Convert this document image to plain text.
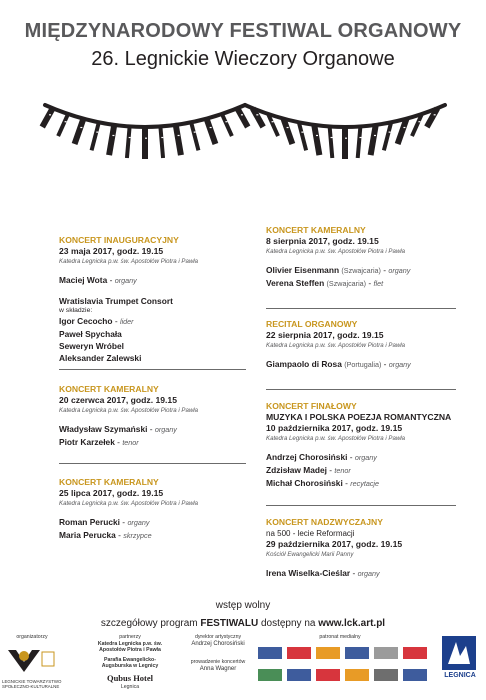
MIĘDZYNARODOWY FESTIWAL ORGANOWY
26. Legnickie Wieczory Organowe
KONCERT INAUGURACYJNY
23 maja 2017, godz. 19.15
Katedra Legnicka p.w. św. Apostołów Piotra i Pawła
Maciej Wota - organy
Wratislavia Trumpet Consort
w składzie:
Igor Cecocho - lider
Paweł Spychała
Seweryn Wróbel
Aleksander Zalewski
KONCERT KAMERALNY
20 czerwca 2017, godz. 19.15
Katedra Legnicka p.w. św. Apostołów Piotra i Pawła
Władysław Szymański - organy
Piotr Karzełek - tenor
KONCERT KAMERALNY
25 lipca 2017, godz. 19.15
Katedra Legnicka p.w. św. Apostołów Piotra i Pawła
Roman Perucki - organy
Maria Perucka - skrzypce
KONCERT KAMERALNY
8 sierpnia 2017, godz. 19.15
Katedra Legnicka p.w. św. Apostołów Piotra i Pawła
Olivier Eisenmann (Szwajcaria) - organy
Verena Steffen (Szwajcaria) - flet
RECITAL ORGANOWY
22 sierpnia 2017, godz. 19.15
Katedra Legnicka p.w. św. Apostołów Piotra i Pawła
Giampaolo di Rosa (Portugalia) - organy
KONCERT FINAŁOWY
MUZYKA I POLSKA POEZJA ROMANTYCZNA
10 października 2017, godz. 19.15
Katedra Legnicka p.w. św. Apostołów Piotra i Pawła
Andrzej Chorosiński - organy
Zdzisław Madej - tenor
Michał Chorosiński - recytacje
KONCERT NADZWYCZAJNY
na 500 - lecie Reformacji
29 października 2017, godz. 19.15
Kościół Ewangelicki Marii Panny
Irena Wiselka-Cieślar - organy
wstęp wolny
szczegółowy program FESTIWALU dostępny na www.lck.art.pl
organizatorzy
LEGNICKIE TOWARZYSTWO SPOŁECZNO-KULTURALNE
partnerzy
Katedra Legnicka p.w. św. Apostołów Piotra i Pawła
Parafia Ewangelicko-Augsburska w Legnicy
Qubus Hotel
Legnica
dyrektor artystyczny
Andrzej Chorosiński
prowadzenie koncertów
Anna Wagner
patronat medialny
LEGNICA
